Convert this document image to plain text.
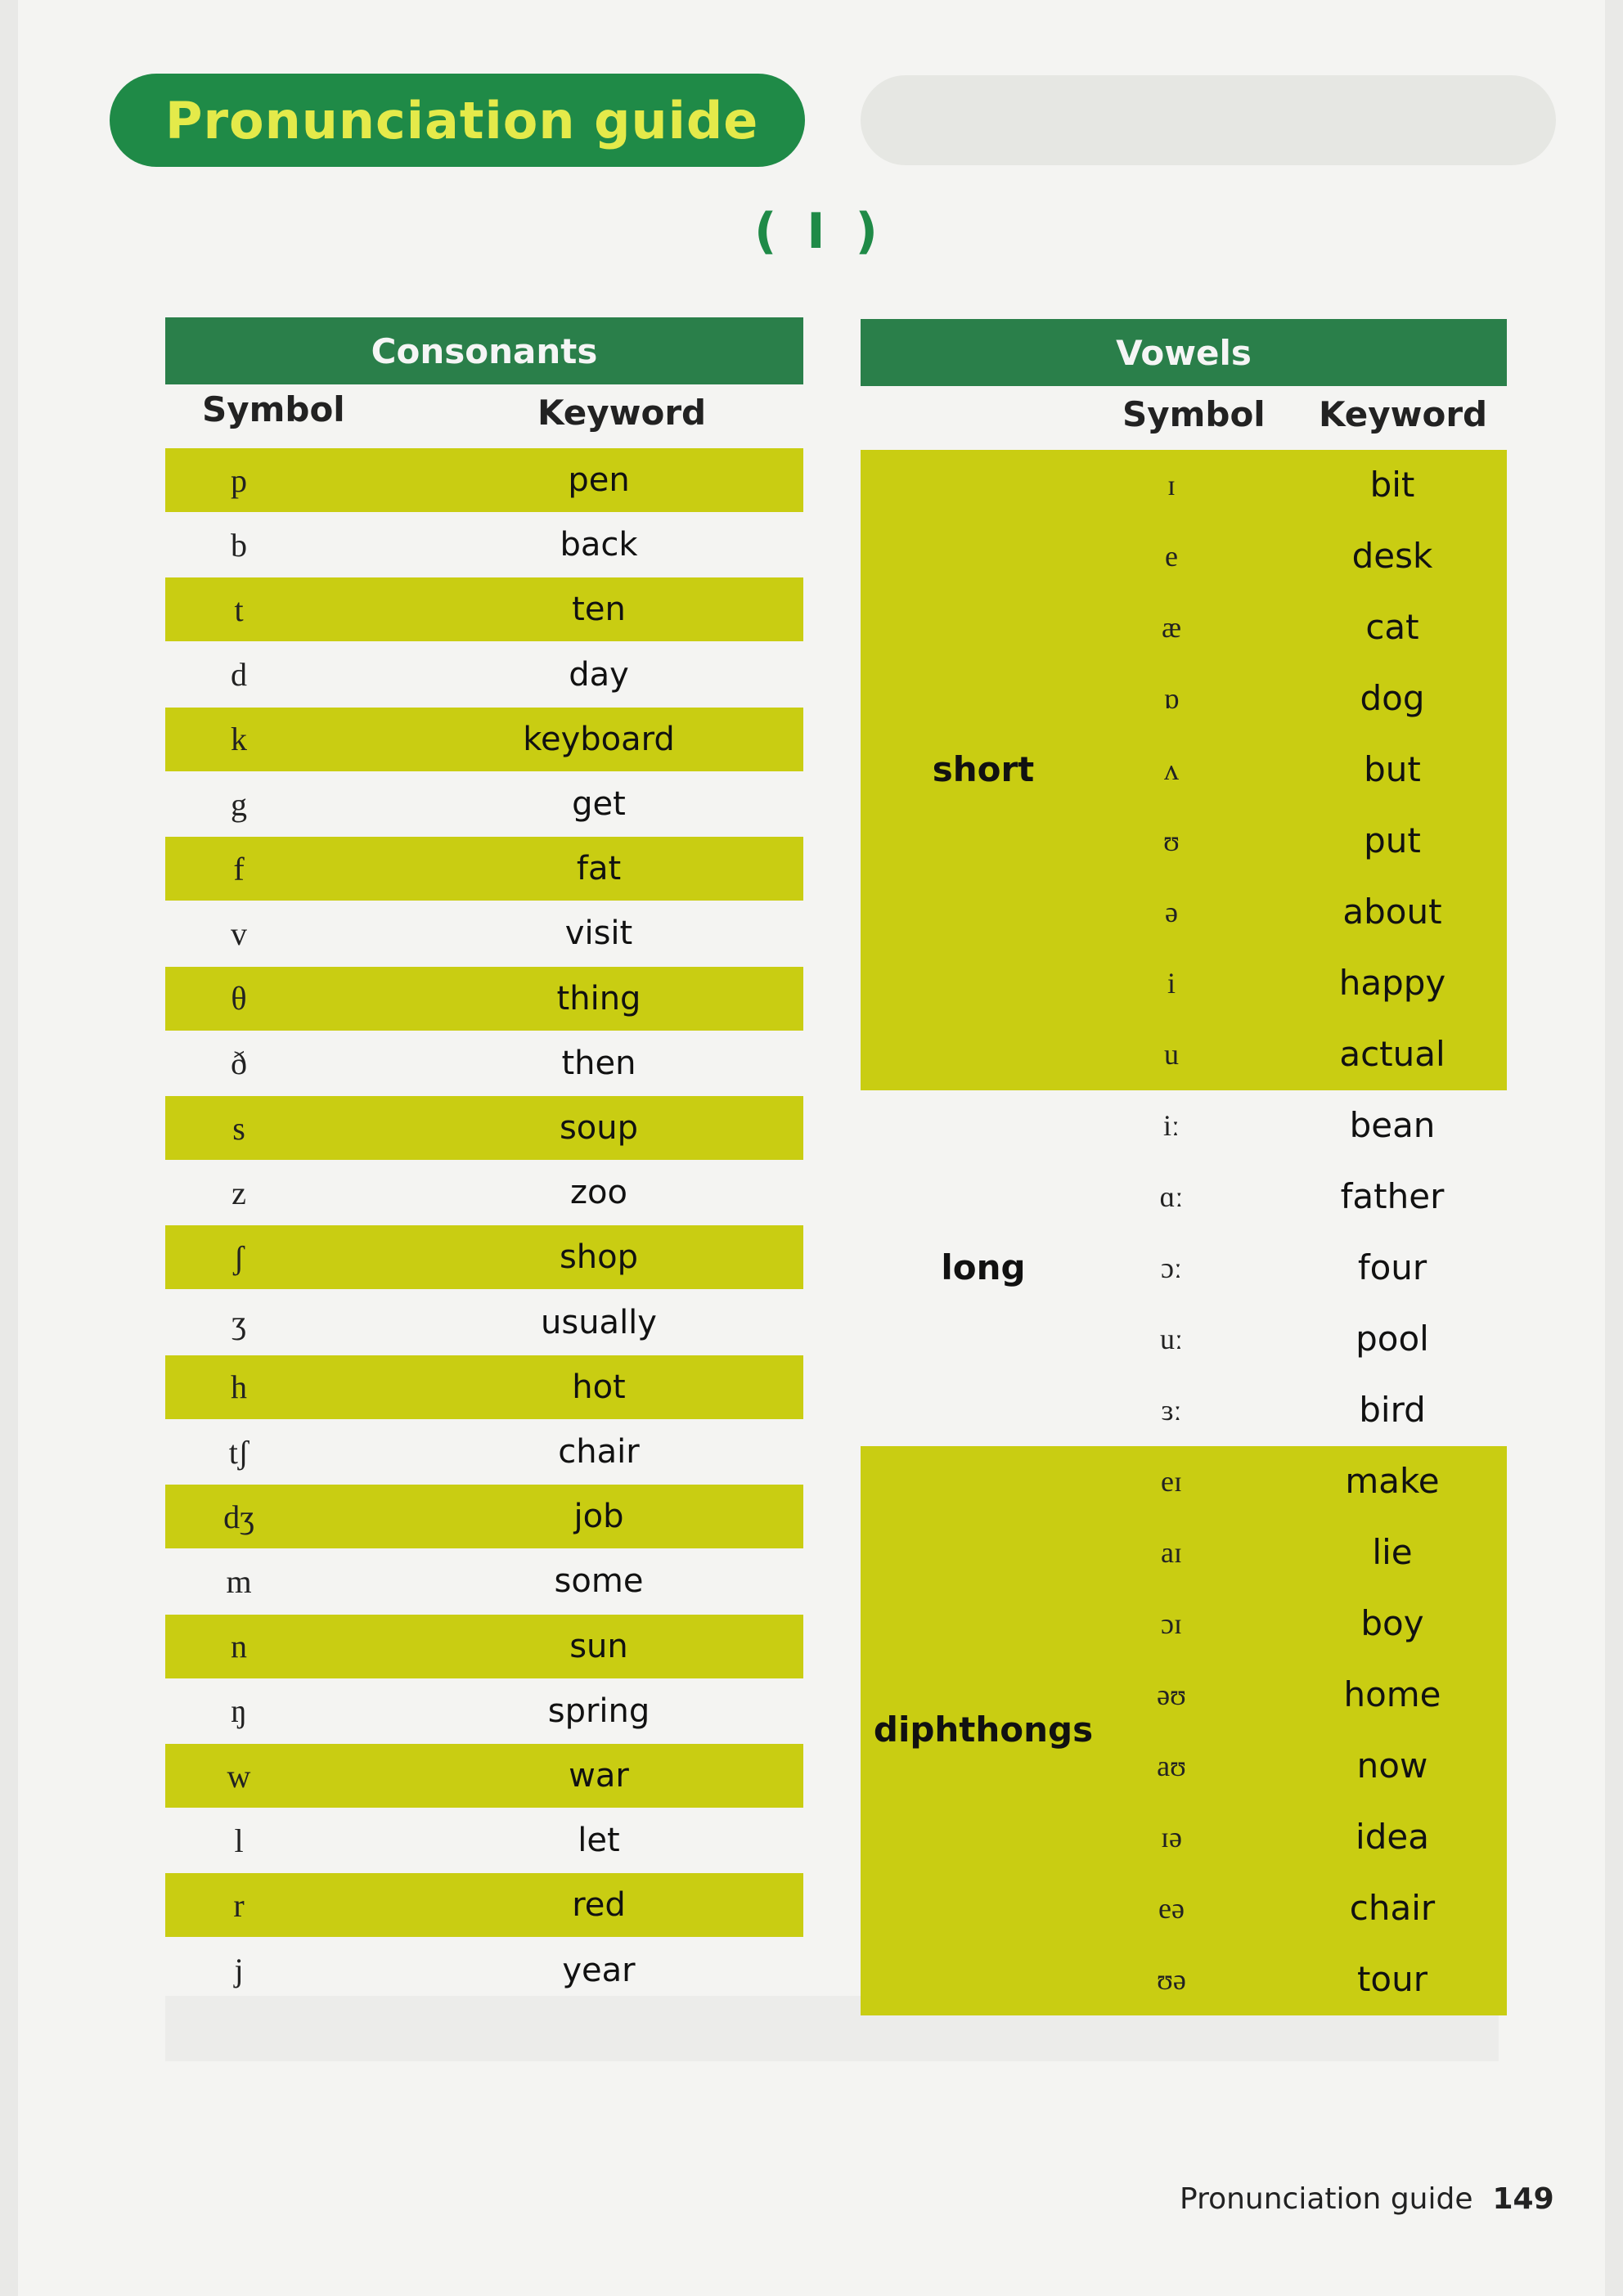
Pronunciation guide
( I )
Consonants
Symbol	Keyword
p	pen
b	back
t	ten
d	day
k	keyboard
g	get
f	fat
v	visit
θ	thing
ð	then
s	soup
z	zoo
ʃ	shop
ʒ	usually
h	hot
tʃ	chair
dʒ	job
m	some
n	sun
ŋ	spring
w	war
l	let
r	red
j	year
Vowels
Symbol Keyword
short
ɪ	bit
e	desk
æ	cat
ɒ	dog
ʌ	but
ʊ	put
ə	about
i	happy
u	actual
long
iː	bean
ɑː	father
ɔː	four
uː	pool
ɜː	bird
diphthongs
eɪ	make
aɪ	lie
ɔɪ	boy
əʊ	home
aʊ	now
ɪə	idea
eə	chair
ʊə	tour
Pronunciation guide 149
